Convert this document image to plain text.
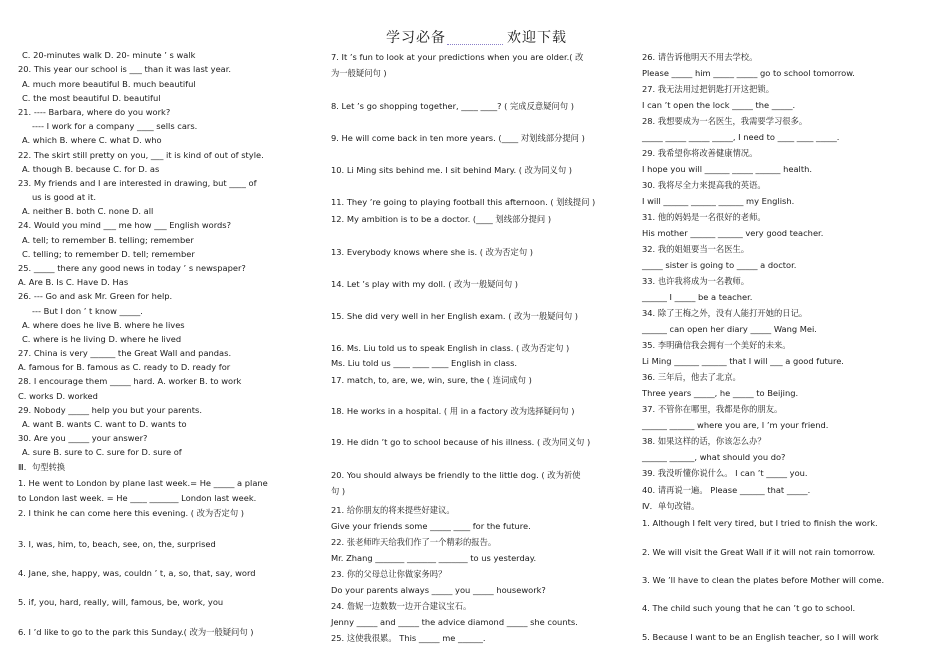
学习必备	欢迎下载
C. 20-minutes walk D. 20- minute ’ s walk
20. This year our school is ___ than it was last year.
A. much more beautiful B. much beautiful
C. the most beautiful D. beautiful
21. ---- Barbara, where do you work?
---- I work for a company ____ sells cars.
A. which B. where C. what D. who
22. The skirt still pretty on you, ___ it is kind of out of style.
A. though B. because C. for D. as
23. My friends and I are interested in drawing, but ____ of
us is good at it.
A. neither B. both C. none D. all
24. Would you mind ___ me how ___ English words?
A. tell; to remember B. telling; remember
C. telling; to remember D. tell; remember
25. _____ there any good news in today ’ s newspaper?
A. Are B. Is C. Have D. Has
26. --- Go and ask Mr. Green for help.
--- But I don ’ t know _____.
A. where does he live B. where he lives
C. where is he living D. where he lived
27. China is very ______ the Great Wall and pandas.
A. famous for B. famous as C. ready to D. ready for
28. I encourage them _____ hard. A. worker B. to work
C. works D. worked
29. Nobody _____ help you but your parents.
A. want B. wants C. want to D. wants to
30. Are you _____ your answer?
A. sure B. sure to C. sure for D. sure of
Ⅲ．句型转换
1. He went to London by plane last week.= He _____ a plane
to London last week. = He ____ _______ London last week.
2. I think he can come here this evening. ( 改为否定句 )
3. I, was, him, to, beach, see, on, the, surprised
4. Jane, she, happy, was, couldn ’ t, a, so, that, say, word
5. if, you, hard, really, will, famous, be, work, you
6. I ’d like to go to the park this Sunday.( 改为一般疑问句 )
7. It ’s fun to look at your predictions when you are older.( 改
为一般疑问句 )
8. Let ’s go shopping together, ____ ____? ( 完成反意疑问句 )
9. He will come back in ten more years. (____ 对划线部分提问 )
10. Li Ming sits behind me. I sit behind Mary. ( 改为同义句 )
11. They ’re going to playing football this afternoon. ( 划线提问 )
12. My ambition is to be a doctor. (____ 划线部分提问 )
13. Everybody knows where she is. ( 改为否定句 )
14. Let ’s play with my doll. ( 改为一般疑问句 )
15. She did very well in her English exam. ( 改为一般疑问句 )
16. Ms. Liu told us to speak English in class. ( 改为否定句 )
Ms. Liu told us ____ ____ ____ English in class.
17. match, to, are, we, win, sure, the ( 连词成句 )
18. He works in a hospital. ( 用 in a factory 改为选择疑问句 )
19. He didn ’t go to school because of his illness. ( 改为同义句 )
20. You should always be friendly to the little dog. ( 改为祈使
句 )
21. 给你朋友的将来提些好建议。
Give your friends some _____ ____ for the future.
22. 张老师昨天给我们作了一个精彩的报告。
Mr. Zhang _______ _______ _______ to us yesterday.
23. 你的父母总让你做家务吗？
Do your parents always _____ you _____ housework?
24. 詹妮一边数数一边开合建议宝石。
Jenny _____ and _____ the advice diamond _____ she counts.
25. 这使我很累。 This _____ me ______.
26. 请告诉他明天不用去学校。
Please _____ him _____ _____ go to school tomorrow.
27. 我无法用过把钥匙打开这把锁。
I can ’t open the lock _____ the _____.
28. 我想要成为一名医生，我需要学习很多。
_____ _____ _____ _____, I need to ____ ____ _____.
29. 我希望你将改善健康情况。
I hope you will ______ _____ ______ health.
30. 我将尽全力来提高我的英语。
I will ______ ______ ______ my English.
31. 他的妈妈是一名很好的老师。
His mother ______ ______ very good teacher.
32. 我的姐姐要当一名医生。
_____ sister is going to _____ a doctor.
33. 也许我将成为一名教师。
______ I _____ be a teacher.
34. 除了王梅之外，没有人能打开她的日记。
______ can open her diary _____ Wang Mei.
35. 李明确信我会拥有一个美好的未来。
Li Ming ______ ______ that I will ___ a good future.
36. 三年后，他去了北京。
Three years _____, he _____ to Beijing.
37. 不管你在哪里，我都是你的朋友。
______ ______ where you are, I ’m your friend.
38. 如果这样的话，你该怎么办？
______ ______, what should you do?
39. 我没听懂你说什么。 I can ’t _____ you.
40. 请再说一遍。 Please ______ that _____.
Ⅳ．单句改错。
1. Although I felt very tired, but I tried to finish the work.
2. We will visit the Great Wall if it will not rain tomorrow.
3. We ’ll have to clean the plates before Mother will come.
4. The child such young that he can ’t go to school.
5. Because I want to be an English teacher, so I will work
